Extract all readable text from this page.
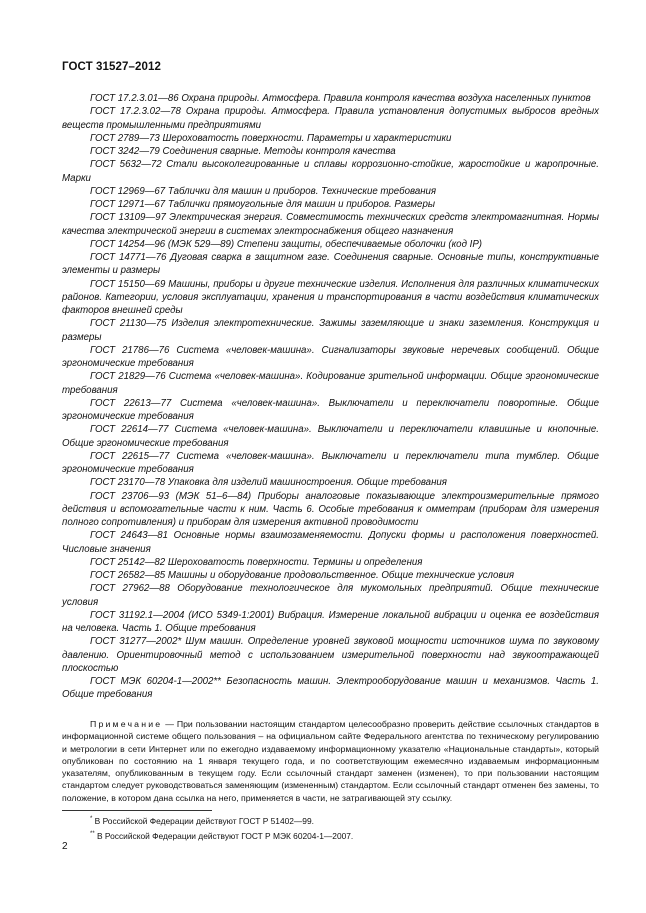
ГОСТ 31527–2012

ГОСТ 17.2.3.01—86 Охрана природы. Атмосфера. Правила контроля качества воздуха населенных пунктов

ГОСТ 17.2.3.02—78 Охрана природы. Атмосфера. Правила установления допустимых выбросов вредных веществ промышленными предприятиями

ГОСТ 2789—73 Шероховатость поверхности. Параметры и характеристики

ГОСТ 3242—79 Соединения сварные. Методы контроля качества

ГОСТ 5632—72 Стали высоколегированные и сплавы коррозионно-стойкие, жаростойкие и жаропрочные. Марки

ГОСТ 12969—67 Таблички для машин и приборов. Технические требования

ГОСТ 12971—67 Таблички прямоугольные для машин и приборов. Размеры

ГОСТ 13109—97 Электрическая энергия. Совместимость технических средств электромагнитная. Нормы качества электрической энергии в системах электроснабжения общего назначения

ГОСТ 14254—96 (МЭК 529—89) Степени защиты, обеспечиваемые оболочки (код IP)

ГОСТ 14771—76 Дуговая сварка в защитном газе. Соединения сварные. Основные типы, конструктивные элементы и размеры

ГОСТ 15150—69 Машины, приборы и другие технические изделия. Исполнения для различных климатических районов. Категории, условия эксплуатации, хранения и транспортирования в части воздействия климатических факторов внешней среды

ГОСТ 21130—75 Изделия электротехнические. Зажимы заземляющие и знаки заземления. Конструкция и размеры

ГОСТ 21786—76 Система «человек-машина». Сигнализаторы звуковые неречевых сообщений. Общие эргономические требования

ГОСТ 21829—76 Система «человек-машина». Кодирование зрительной информации. Общие эргономические требования

ГОСТ 22613—77 Система «человек-машина». Выключатели и переключатели поворотные. Общие эргономические требования

ГОСТ 22614—77 Система «человек-машина». Выключатели и переключатели клавишные и кнопочные. Общие эргономические требования

ГОСТ 22615—77 Система «человек-машина». Выключатели и переключатели типа тумблер. Общие эргономические требования

ГОСТ 23170—78 Упаковка для изделий машиностроения. Общие требования

ГОСТ 23706—93 (МЭК 51–6—84) Приборы аналоговые показывающие электроизмерительные прямого действия и вспомогательные части к ним. Часть 6. Особые требования к омметрам (приборам для измерения полного сопротивления) и приборам для измерения активной проводимости

ГОСТ 24643—81 Основные нормы взаимозаменяемости. Допуски формы и расположения поверхностей. Числовые значения

ГОСТ 25142—82 Шероховатость поверхности. Термины и определения

ГОСТ 26582—85 Машины и оборудование продовольственное. Общие технические условия

ГОСТ 27962—88 Оборудование технологическое для мукомольных предприятий. Общие технические условия

ГОСТ 31192.1—2004 (ИСО 5349-1:2001) Вибрация. Измерение локальной вибрации и оценка ее воздействия на человека. Часть 1. Общие требования

ГОСТ 31277—2002* Шум машин. Определение уровней звуковой мощности источников шума по звуковому давлению. Ориентировочный метод с использованием измерительной поверхности над звукоотражающей плоскостью

ГОСТ МЭК 60204-1—2002** Безопасность машин. Электрооборудование машин и механизмов. Часть 1. Общие требования

Примечание — При пользовании настоящим стандартом целесообразно проверить действие ссылочных стандартов в информационной системе общего пользования – на официальном сайте Федерального агентства по техническому регулированию и метрологии в сети Интернет или по ежегодно издаваемому информационному указателю «Национальные стандарты», который опубликован по состоянию на 1 января текущего года, и по соответствующим ежемесячно издаваемым информационным указателям, опубликованным в текущем году. Если ссылочный стандарт заменен (изменен), то при пользовании настоящим стандартом следует руководствоваться заменяющим (измененным) стандартом. Если ссылочный стандарт отменен без замены, то положение, в котором дана ссылка на него, применяется в части, не затрагивающей эту ссылку.

* В Российской Федерации действуют ГОСТ Р 51402—99.

** В Российской Федерации действуют ГОСТ Р МЭК 60204-1—2007.

2
